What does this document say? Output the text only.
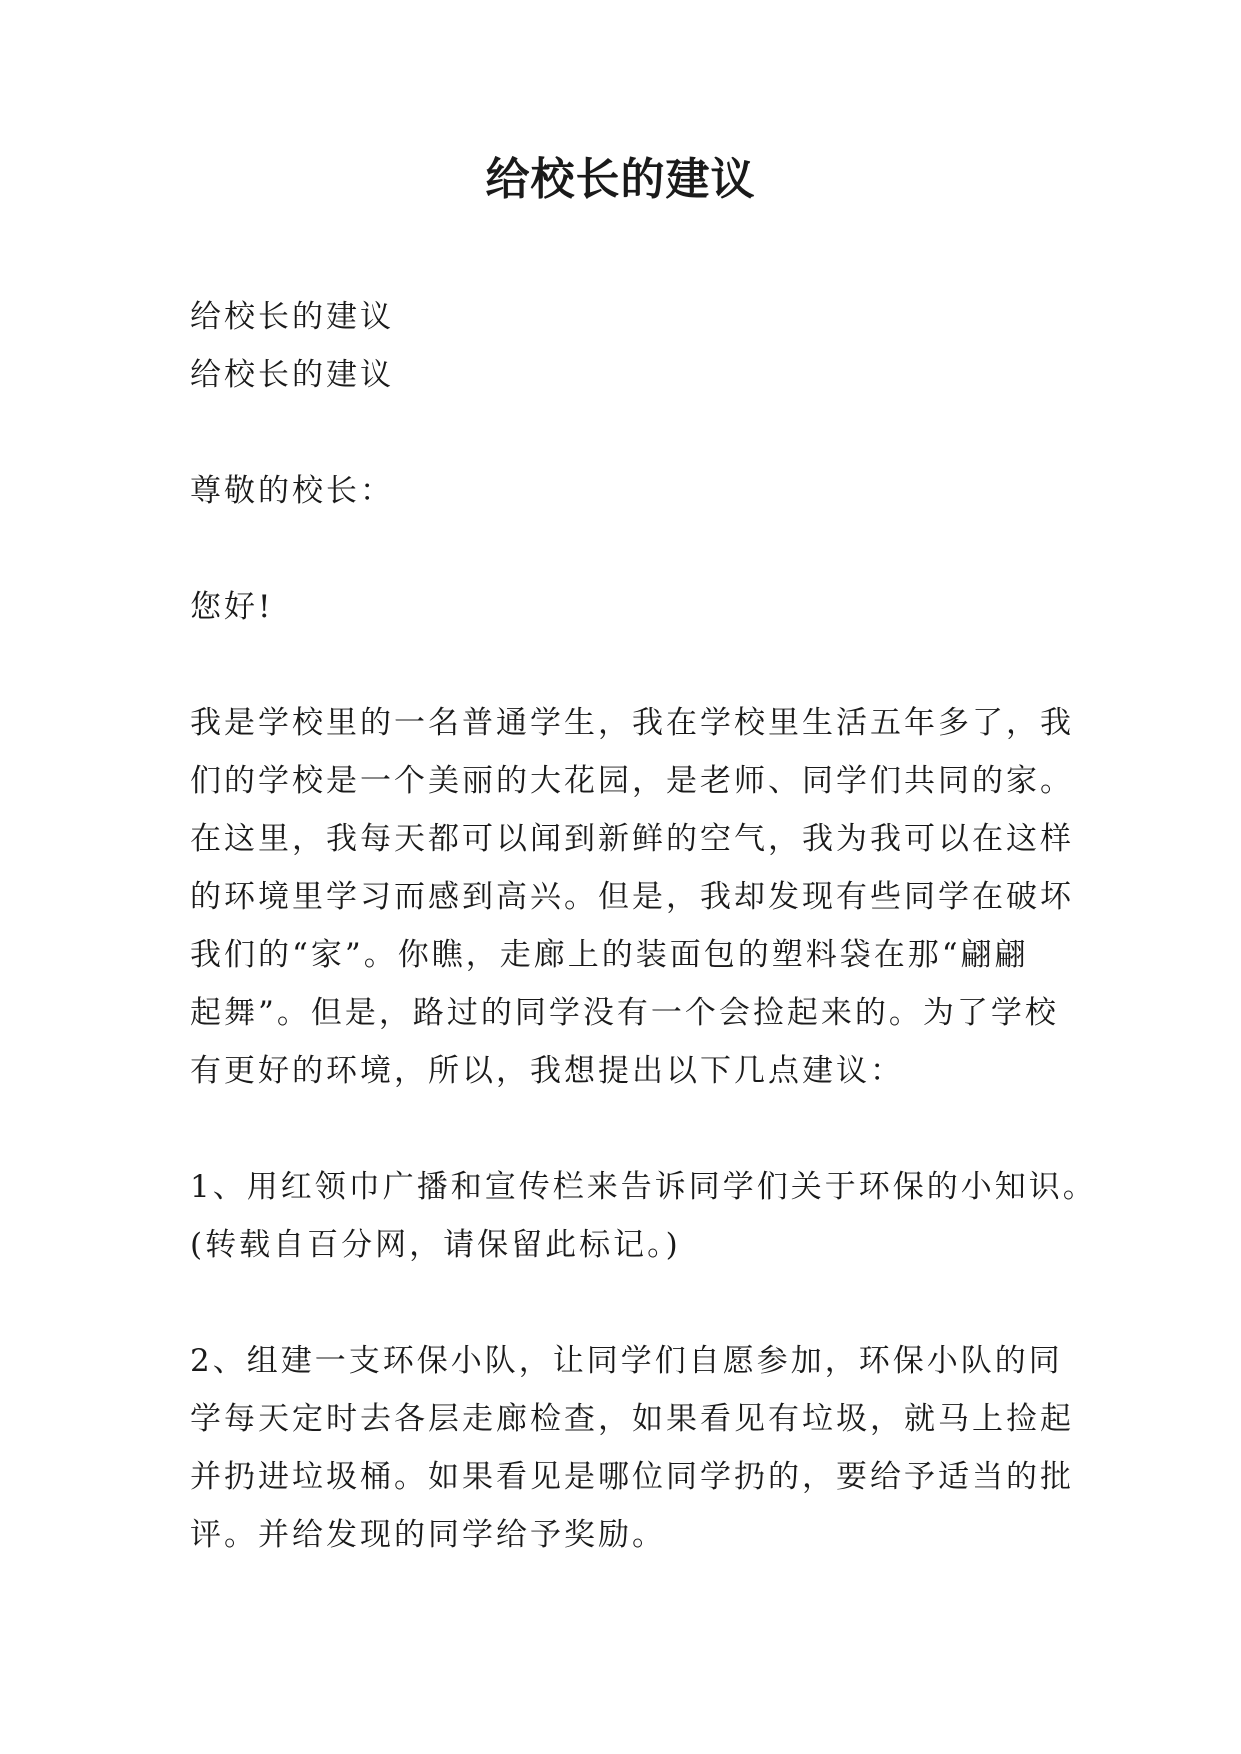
给校长的建议
给校长的建议
给校长的建议
尊敬的校长：
您好!
我是学校里的一名普通学生，我在学校里生活五年多了，我
们的学校是一个美丽的大花园，是老师、同学们共同的家。
在这里，我每天都可以闻到新鲜的空气，我为我可以在这样
的环境里学习而感到高兴。但是，我却发现有些同学在破坏
我们的“家”。你瞧，走廊上的装面包的塑料袋在那“翩翩
起舞”。但是，路过的同学没有一个会捡起来的。为了学校
有更好的环境，所以，我想提出以下几点建议：
1、用红领巾广播和宣传栏来告诉同学们关于环保的小知识。
(转载自百分网，请保留此标记。)
2、组建一支环保小队，让同学们自愿参加，环保小队的同
学每天定时去各层走廊检查，如果看见有垃圾，就马上捡起
并扔进垃圾桶。如果看见是哪位同学扔的，要给予适当的批
评。并给发现的同学给予奖励。
